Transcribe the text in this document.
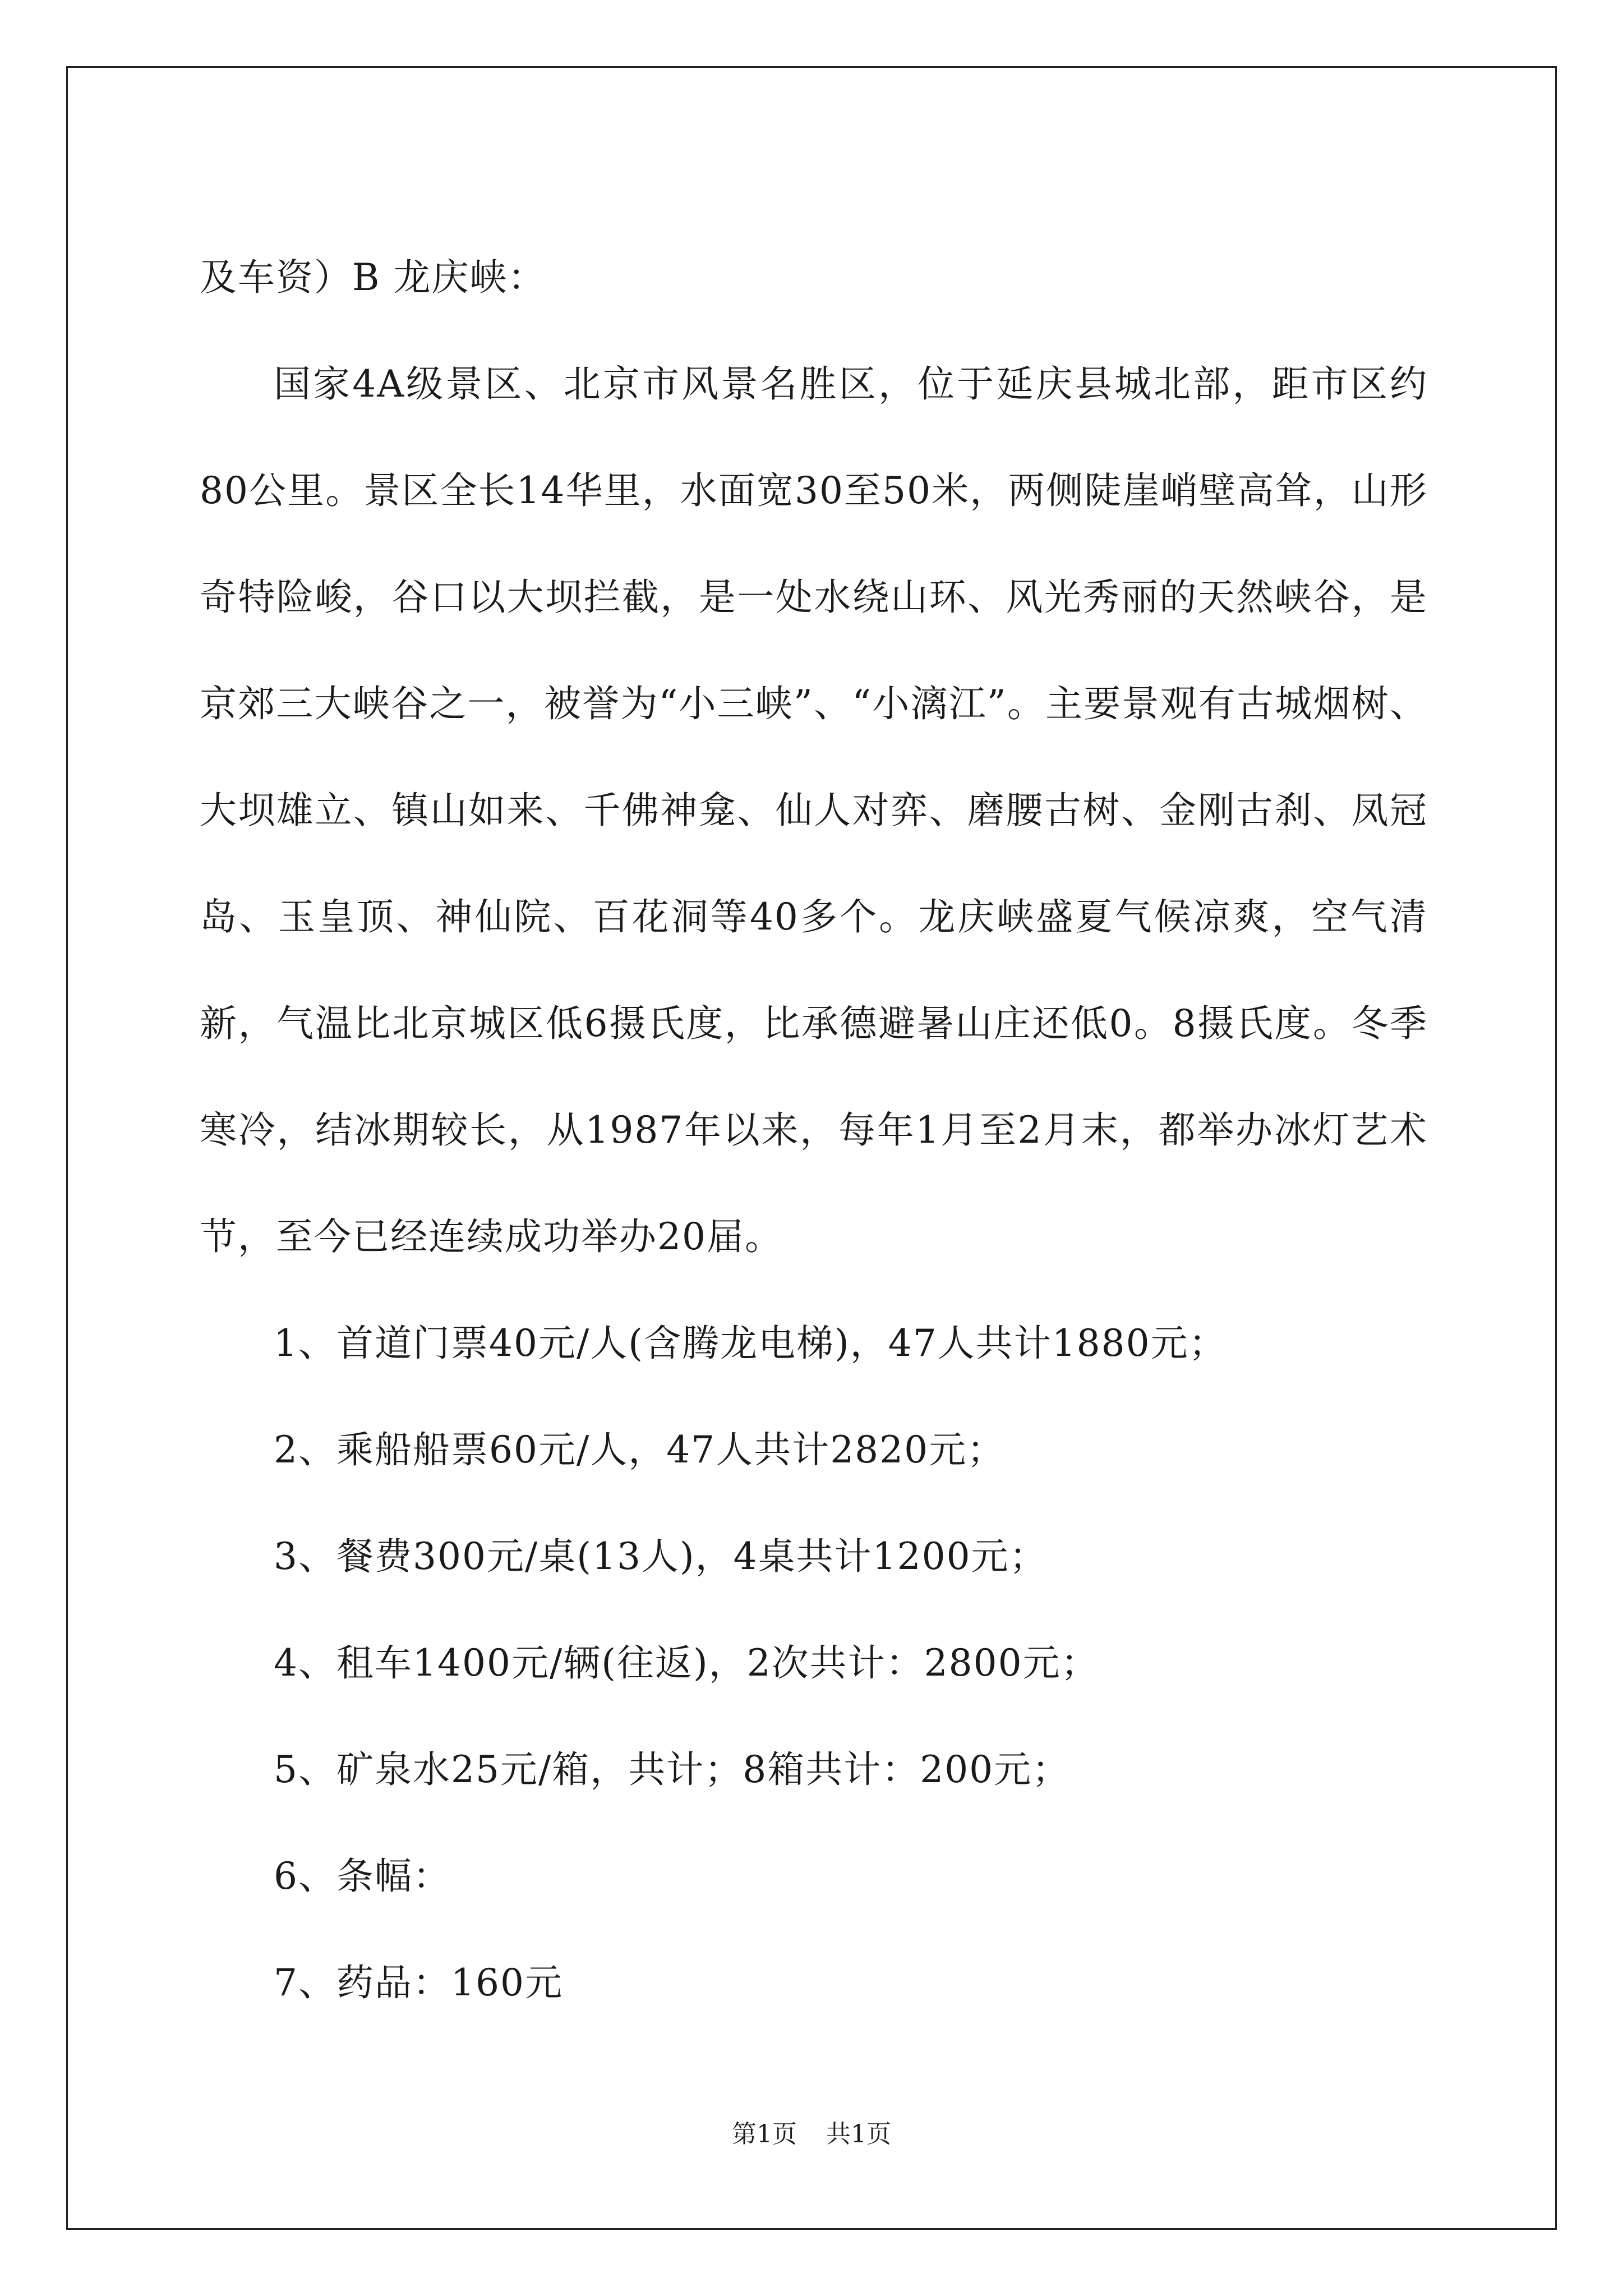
及车资）B 龙庆峡：

国家4A级景区、北京市风景名胜区，位于延庆县城北部，距市区约80公里。景区全长14华里，水面宽30至50米，两侧陡崖峭壁高耸，山形奇特险峻，谷口以大坝拦截，是一处水绕山环、风光秀丽的天然峡谷，是京郊三大峡谷之一，被誉为“小三峡”、“小漓江”。主要景观有古城烟树、大坝雄立、镇山如来、千佛神龛、仙人对弈、磨腰古树、金刚古刹、凤冠岛、玉皇顶、神仙院、百花洞等40多个。龙庆峡盛夏气候凉爽，空气清新，气温比北京城区低6摄氏度，比承德避暑山庄还低0。8摄氏度。冬季寒冷，结冰期较长，从1987年以来，每年1月至2月末，都举办冰灯艺术节，至今已经连续成功举办20届。

1、首道门票40元/人(含腾龙电梯)，47人共计1880元；
2、乘船船票60元/人，47人共计2820元；
3、餐费300元/桌(13人)，4桌共计1200元；
4、租车1400元/辆(往返)，2次共计：2800元；
5、矿泉水25元/箱，共计；8箱共计：200元；
6、条幅：
7、药品：160元
第1页 共1页
